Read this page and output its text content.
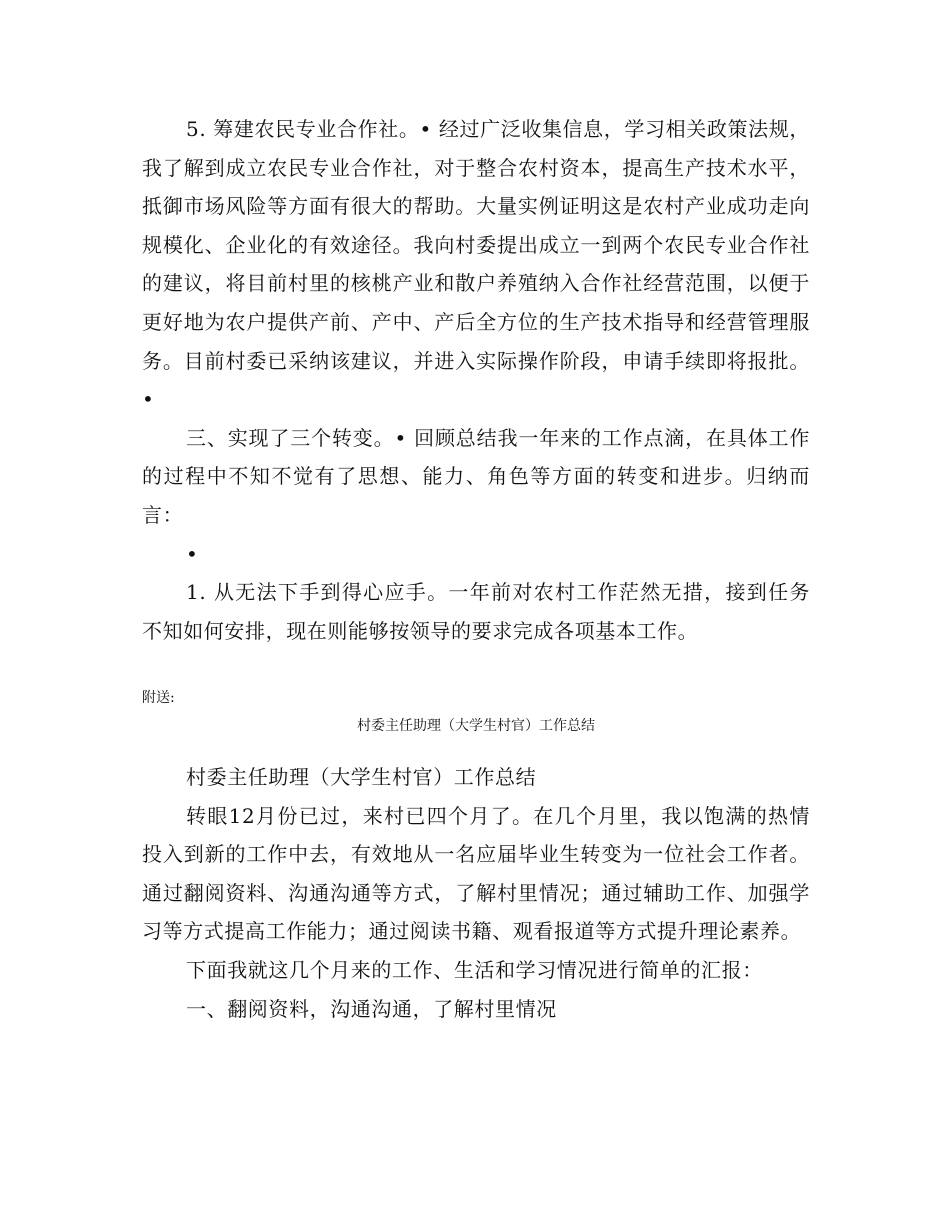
5. 筹建农民专业合作社。• 经过广泛收集信息，学习相关政策法规，我了解到成立农民专业合作社，对于整合农村资本，提高生产技术水平，抵御市场风险等方面有很大的帮助。大量实例证明这是农村产业成功走向规模化、企业化的有效途径。我向村委提出成立一到两个农民专业合作社的建议，将目前村里的核桃产业和散户养殖纳入合作社经营范围，以便于更好地为农户提供产前、产中、产后全方位的生产技术指导和经营管理服务。目前村委已采纳该建议，并进入实际操作阶段，申请手续即将报批。•

三、实现了三个转变。• 回顾总结我一年来的工作点滴，在具体工作的过程中不知不觉有了思想、能力、角色等方面的转变和进步。归纳而言：

•

1. 从无法下手到得心应手。一年前对农村工作茫然无措，接到任务不知如何安排，现在则能够按领导的要求完成各项基本工作。

附送:
村委主任助理（大学生村官）工作总结

村委主任助理（大学生村官）工作总结

转眼12月份已过，来村已四个月了。在几个月里，我以饱满的热情投入到新的工作中去，有效地从一名应届毕业生转变为一位社会工作者。通过翻阅资料、沟通沟通等方式，了解村里情况；通过辅助工作、加强学习等方式提高工作能力；通过阅读书籍、观看报道等方式提升理论素养。

下面我就这几个月来的工作、生活和学习情况进行简单的汇报：

一、翻阅资料，沟通沟通，了解村里情况
